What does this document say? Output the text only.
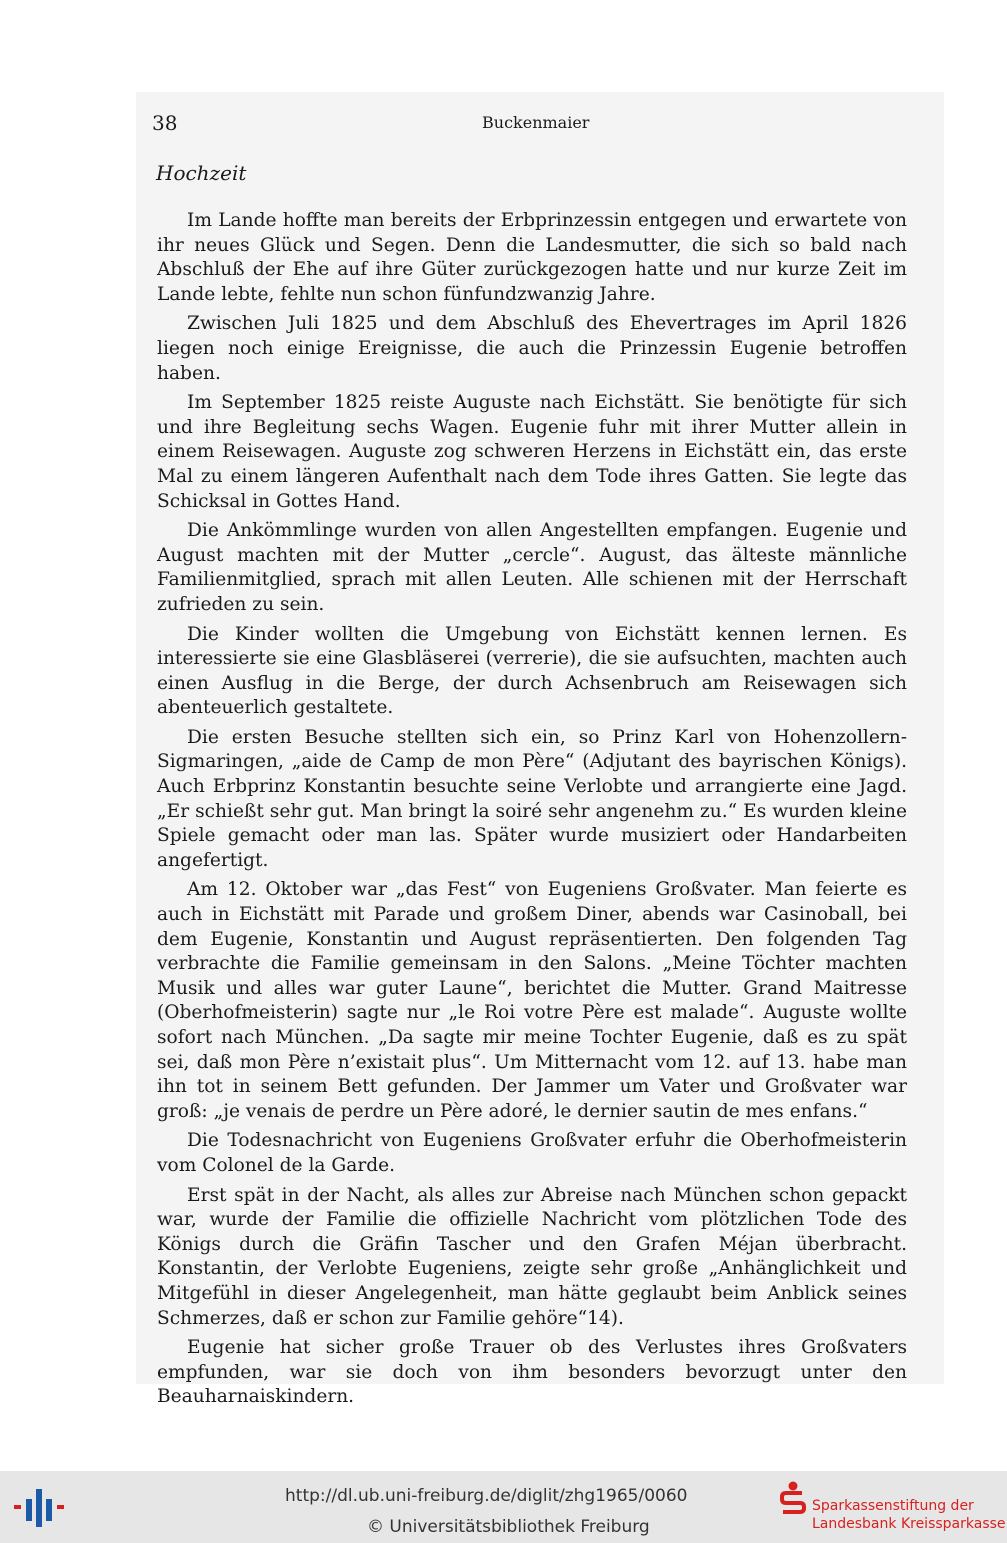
38	Buckenmaier
Hochzeit

Im Lande hoffte man bereits der Erbprinzessin entgegen und erwartete von ihr neues Glück und Segen. Denn die Landesmutter, die sich so bald nach Abschluß der Ehe auf ihre Güter zurückgezogen hatte und nur kurze Zeit im Lande lebte, fehlte nun schon fünfundzwanzig Jahre.

Zwischen Juli 1825 und dem Abschluß des Ehevertrages im April 1826 liegen noch einige Ereignisse, die auch die Prinzessin Eugenie betroffen haben.

Im September 1825 reiste Auguste nach Eichstätt. Sie benötigte für sich und ihre Begleitung sechs Wagen. Eugenie fuhr mit ihrer Mutter allein in einem Reisewagen. Auguste zog schweren Herzens in Eichstätt ein, das erste Mal zu einem längeren Aufenthalt nach dem Tode ihres Gatten. Sie legte das Schicksal in Gottes Hand.

Die Ankömmlinge wurden von allen Angestellten empfangen. Eugenie und August machten mit der Mutter „cercle“. August, das älteste männliche Familienmitglied, sprach mit allen Leuten. Alle schienen mit der Herrschaft zufrieden zu sein.

Die Kinder wollten die Umgebung von Eichstätt kennen lernen. Es interessierte sie eine Glasbläserei (verrerie), die sie aufsuchten, machten auch einen Ausflug in die Berge, der durch Achsenbruch am Reisewagen sich abenteuerlich gestaltete.

Die ersten Besuche stellten sich ein, so Prinz Karl von Hohenzollern-Sigmaringen, „aide de Camp de mon Père“ (Adjutant des bayrischen Königs). Auch Erbprinz Konstantin besuchte seine Verlobte und arrangierte eine Jagd. „Er schießt sehr gut. Man bringt la soiré sehr angenehm zu.“ Es wurden kleine Spiele gemacht oder man las. Später wurde musiziert oder Handarbeiten angefertigt.

Am 12. Oktober war „das Fest“ von Eugeniens Großvater. Man feierte es auch in Eichstätt mit Parade und großem Diner, abends war Casinoball, bei dem Eugenie, Konstantin und August repräsentierten. Den folgenden Tag verbrachte die Familie gemeinsam in den Salons. „Meine Töchter machten Musik und alles war guter Laune“, berichtet die Mutter. Grand Maitresse (Oberhofmeisterin) sagte nur „le Roi votre Père est malade“. Auguste wollte sofort nach München. „Da sagte mir meine Tochter Eugenie, daß es zu spät sei, daß mon Père n’existait plus“. Um Mitternacht vom 12. auf 13. habe man ihn tot in seinem Bett gefunden. Der Jammer um Vater und Großvater war groß: „je venais de perdre un Père adoré, le dernier sautin de mes enfans.“

Die Todesnachricht von Eugeniens Großvater erfuhr die Oberhofmeisterin vom Colonel de la Garde.

Erst spät in der Nacht, als alles zur Abreise nach München schon gepackt war, wurde der Familie die offizielle Nachricht vom plötzlichen Tode des Königs durch die Gräfin Tascher und den Grafen Méjan überbracht. Konstantin, der Verlobte Eugeniens, zeigte sehr große „Anhänglichkeit und Mitgefühl in dieser Angelegenheit, man hätte geglaubt beim Anblick seines Schmerzes, daß er schon zur Familie gehöre“14).

Eugenie hat sicher große Trauer ob des Verlustes ihres Großvaters empfunden, war sie doch von ihm besonders bevorzugt unter den Beauharnaiskindern.

http://dl.ub.uni-freiburg.de/diglit/zhg1965/0060
© Universitätsbibliothek Freiburg
Sparkassenstiftung der
Landesbank Kreissparkasse
